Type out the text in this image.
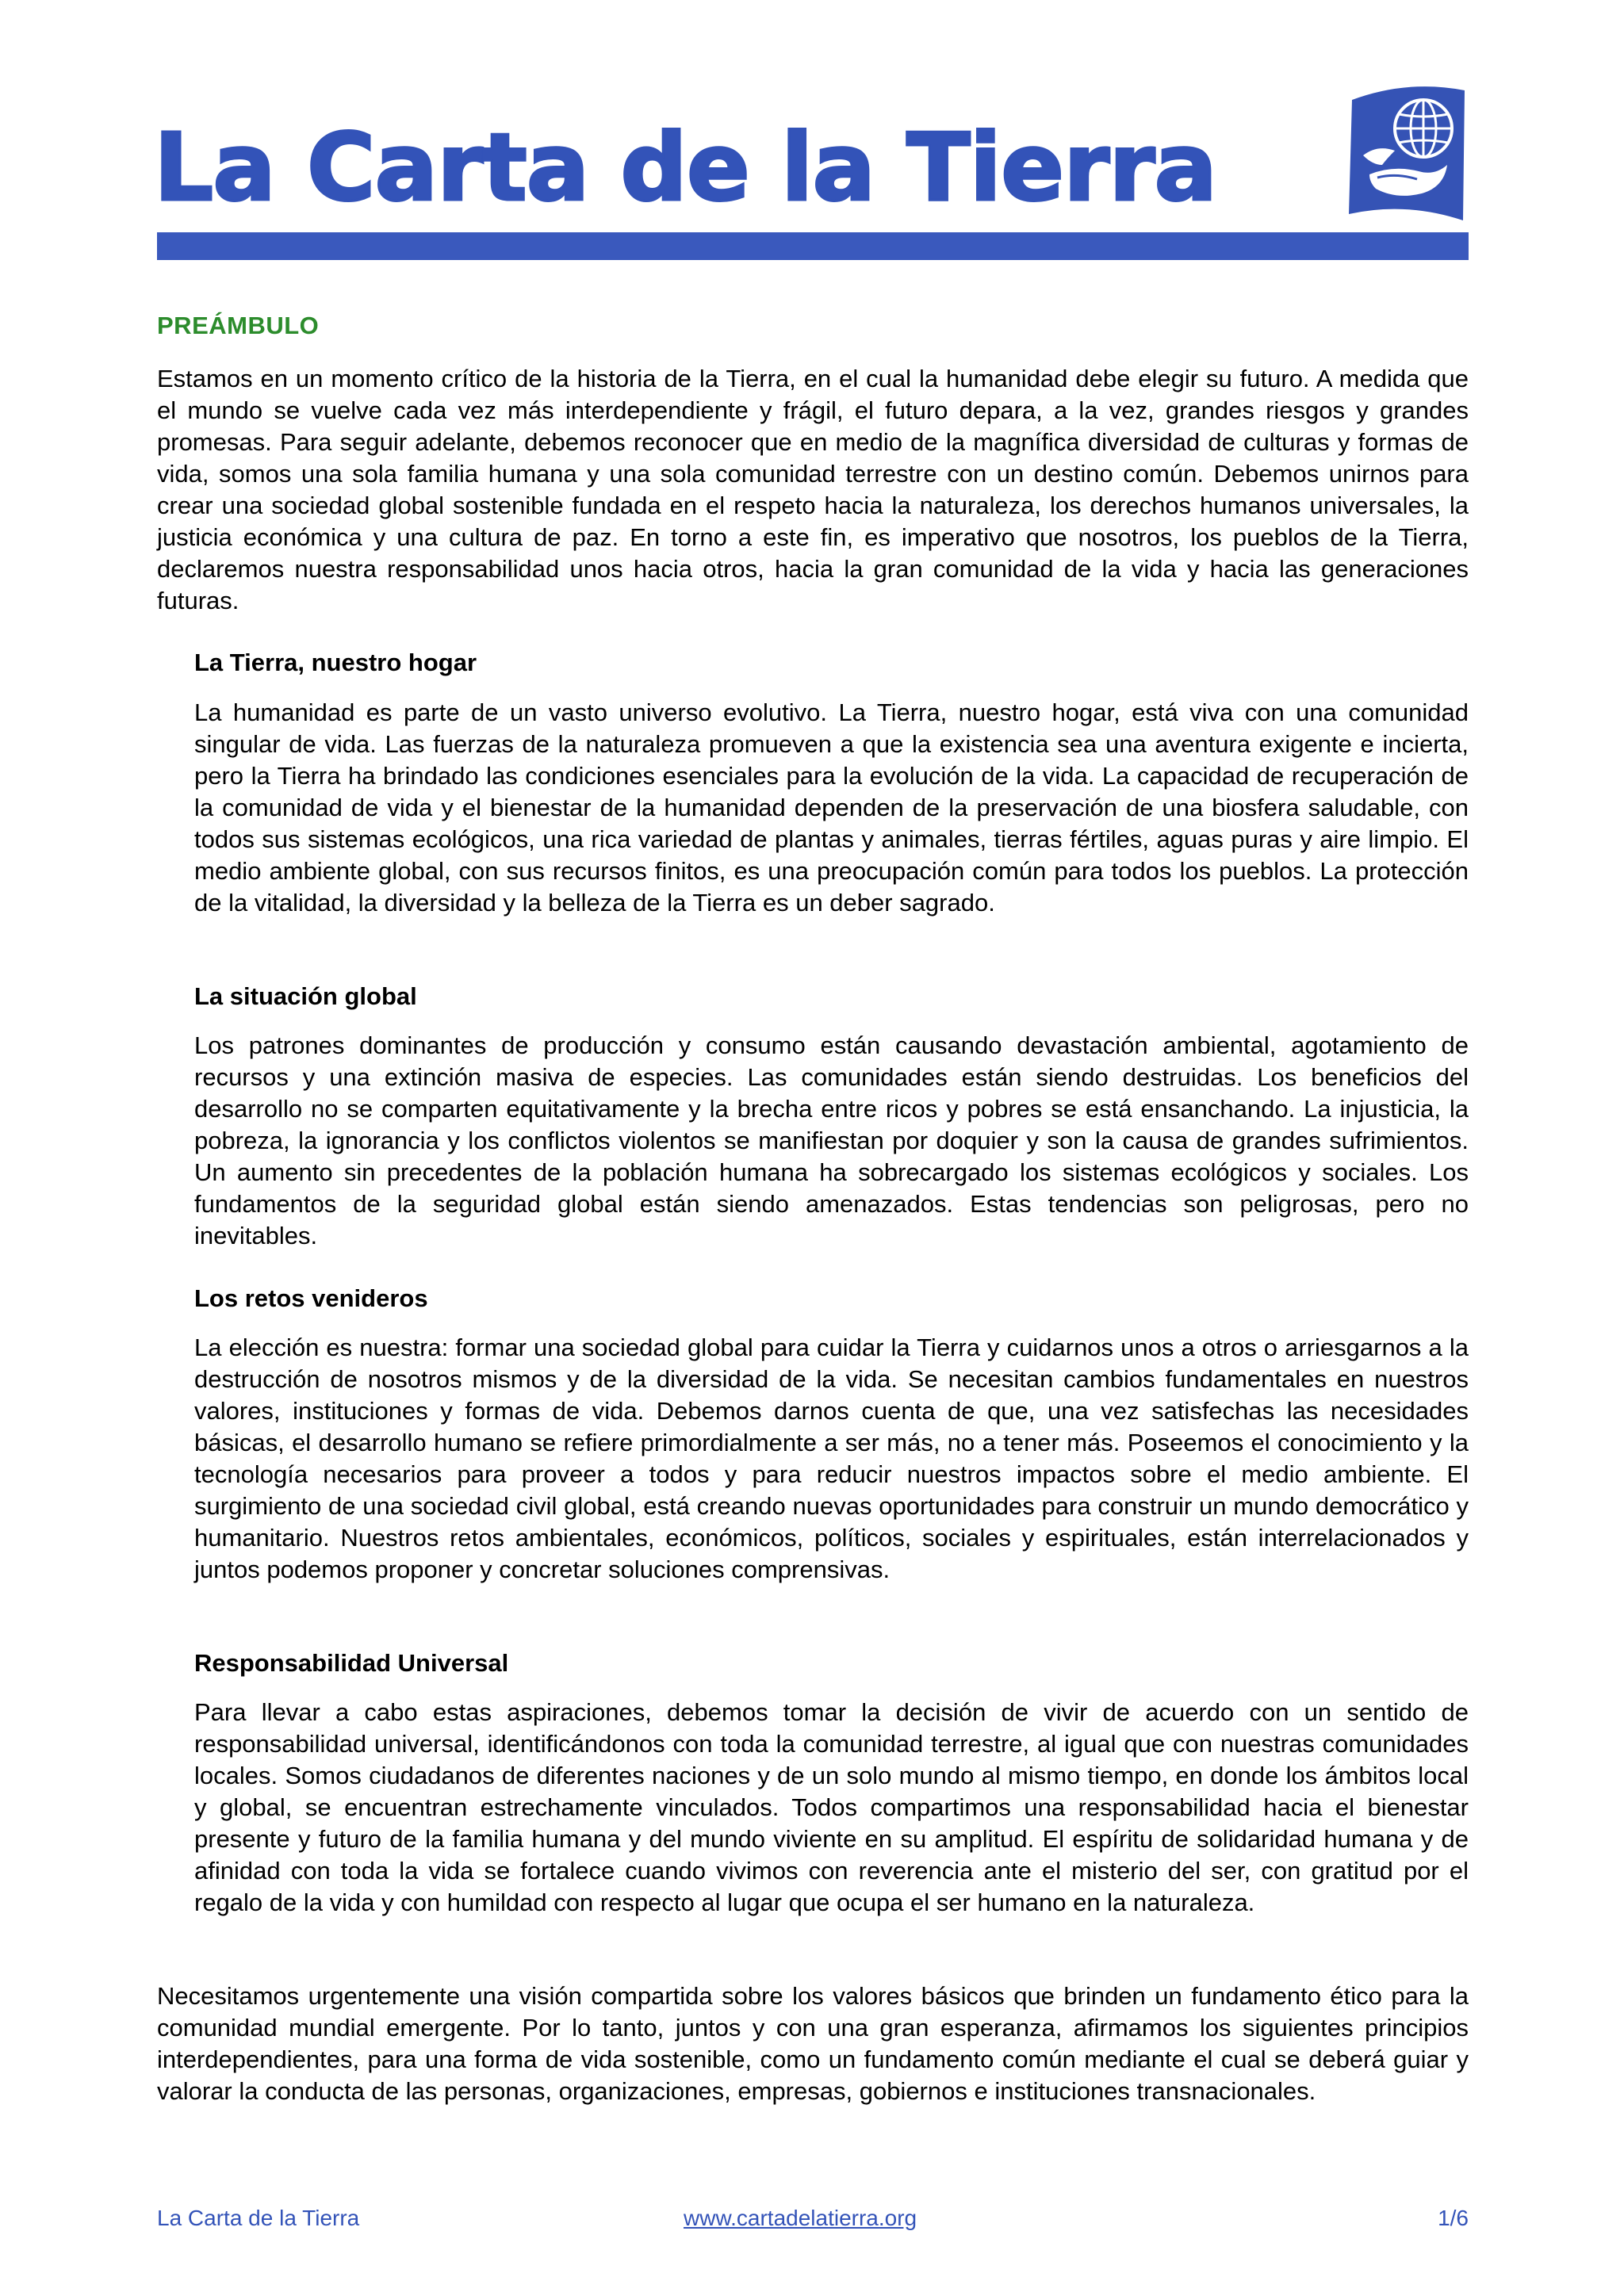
La Carta de la Tierra
PREÁMBULO

Estamos en un momento crítico de la historia de la Tierra, en el cual la humanidad debe elegir su futuro. A medida que el mundo se vuelve cada vez más interdependiente y frágil, el futuro depara, a la vez, grandes riesgos y grandes promesas. Para seguir adelante, debemos reconocer que en medio de la magnífica diversidad de culturas y formas de vida, somos una sola familia humana y una sola comunidad terrestre con un destino común. Debemos unirnos para crear una sociedad global sostenible fundada en el respeto hacia la naturaleza, los derechos humanos universales, la justicia económica y una cultura de paz. En torno a este fin, es imperativo que nosotros, los pueblos de la Tierra, declaremos nuestra responsabilidad unos hacia otros, hacia la gran comunidad de la vida y hacia las generaciones futuras.

La Tierra, nuestro hogar

La humanidad es parte de un vasto universo evolutivo. La Tierra, nuestro hogar, está viva con una comunidad singular de vida. Las fuerzas de la naturaleza promueven a que la existencia sea una aventura exigente e incierta, pero la Tierra ha brindado las condiciones esenciales para la evolución de la vida. La capacidad de recuperación de la comunidad de vida y el bienestar de la humanidad dependen de la preservación de una biosfera saludable, con todos sus sistemas ecológicos, una rica variedad de plantas y animales, tierras fértiles, aguas puras y aire limpio. El medio ambiente global, con sus recursos finitos, es una preocupación común para todos los pueblos. La protección de la vitalidad, la diversidad y la belleza de la Tierra es un deber sagrado.

La situación global

Los patrones dominantes de producción y consumo están causando devastación ambiental, agotamiento de recursos y una extinción masiva de especies. Las comunidades están siendo destruidas. Los beneficios del desarrollo no se comparten equitativamente y la brecha entre ricos y pobres se está ensanchando. La injusticia, la pobreza, la ignorancia y los conflictos violentos se manifiestan por doquier y son la causa de grandes sufrimientos. Un aumento sin precedentes de la población humana ha sobrecargado los sistemas ecológicos y sociales. Los fundamentos de la seguridad global están siendo amenazados. Estas tendencias son peligrosas, pero no inevitables.

Los retos venideros

La elección es nuestra: formar una sociedad global para cuidar la Tierra y cuidarnos unos a otros o arriesgarnos a la destrucción de nosotros mismos y de la diversidad de la vida. Se necesitan cambios fundamentales en nuestros valores, instituciones y formas de vida. Debemos darnos cuenta de que, una vez satisfechas las necesidades básicas, el desarrollo humano se refiere primordialmente a ser más, no a tener más. Poseemos el conocimiento y la tecnología necesarios para proveer a todos y para reducir nuestros impactos sobre el medio ambiente. El surgimiento de una sociedad civil global, está creando nuevas oportunidades para construir un mundo democrático y humanitario. Nuestros retos ambientales, económicos, políticos, sociales y espirituales, están interrelacionados y juntos podemos proponer y concretar soluciones comprensivas.

Responsabilidad Universal

Para llevar a cabo estas aspiraciones, debemos tomar la decisión de vivir de acuerdo con un sentido de responsabilidad universal, identificándonos con toda la comunidad terrestre, al igual que con nuestras comunidades locales. Somos ciudadanos de diferentes naciones y de un solo mundo al mismo tiempo, en donde los ámbitos local y global, se encuentran estrechamente vinculados. Todos compartimos una responsabilidad hacia el bienestar presente y futuro de la familia humana y del mundo viviente en su amplitud. El espíritu de solidaridad humana y de afinidad con toda la vida se fortalece cuando vivimos con reverencia ante el misterio del ser, con gratitud por el regalo de la vida y con humildad con respecto al lugar que ocupa el ser humano en la naturaleza.

Necesitamos urgentemente una visión compartida sobre los valores básicos que brinden un fundamento ético para la comunidad mundial emergente. Por lo tanto, juntos y con una gran esperanza, afirmamos los siguientes principios interdependientes, para una forma de vida sostenible, como un fundamento común mediante el cual se deberá guiar y valorar la conducta de las personas, organizaciones, empresas, gobiernos e instituciones transnacionales.

La Carta de la Tierra	www.cartadelatierra.org	1/6
